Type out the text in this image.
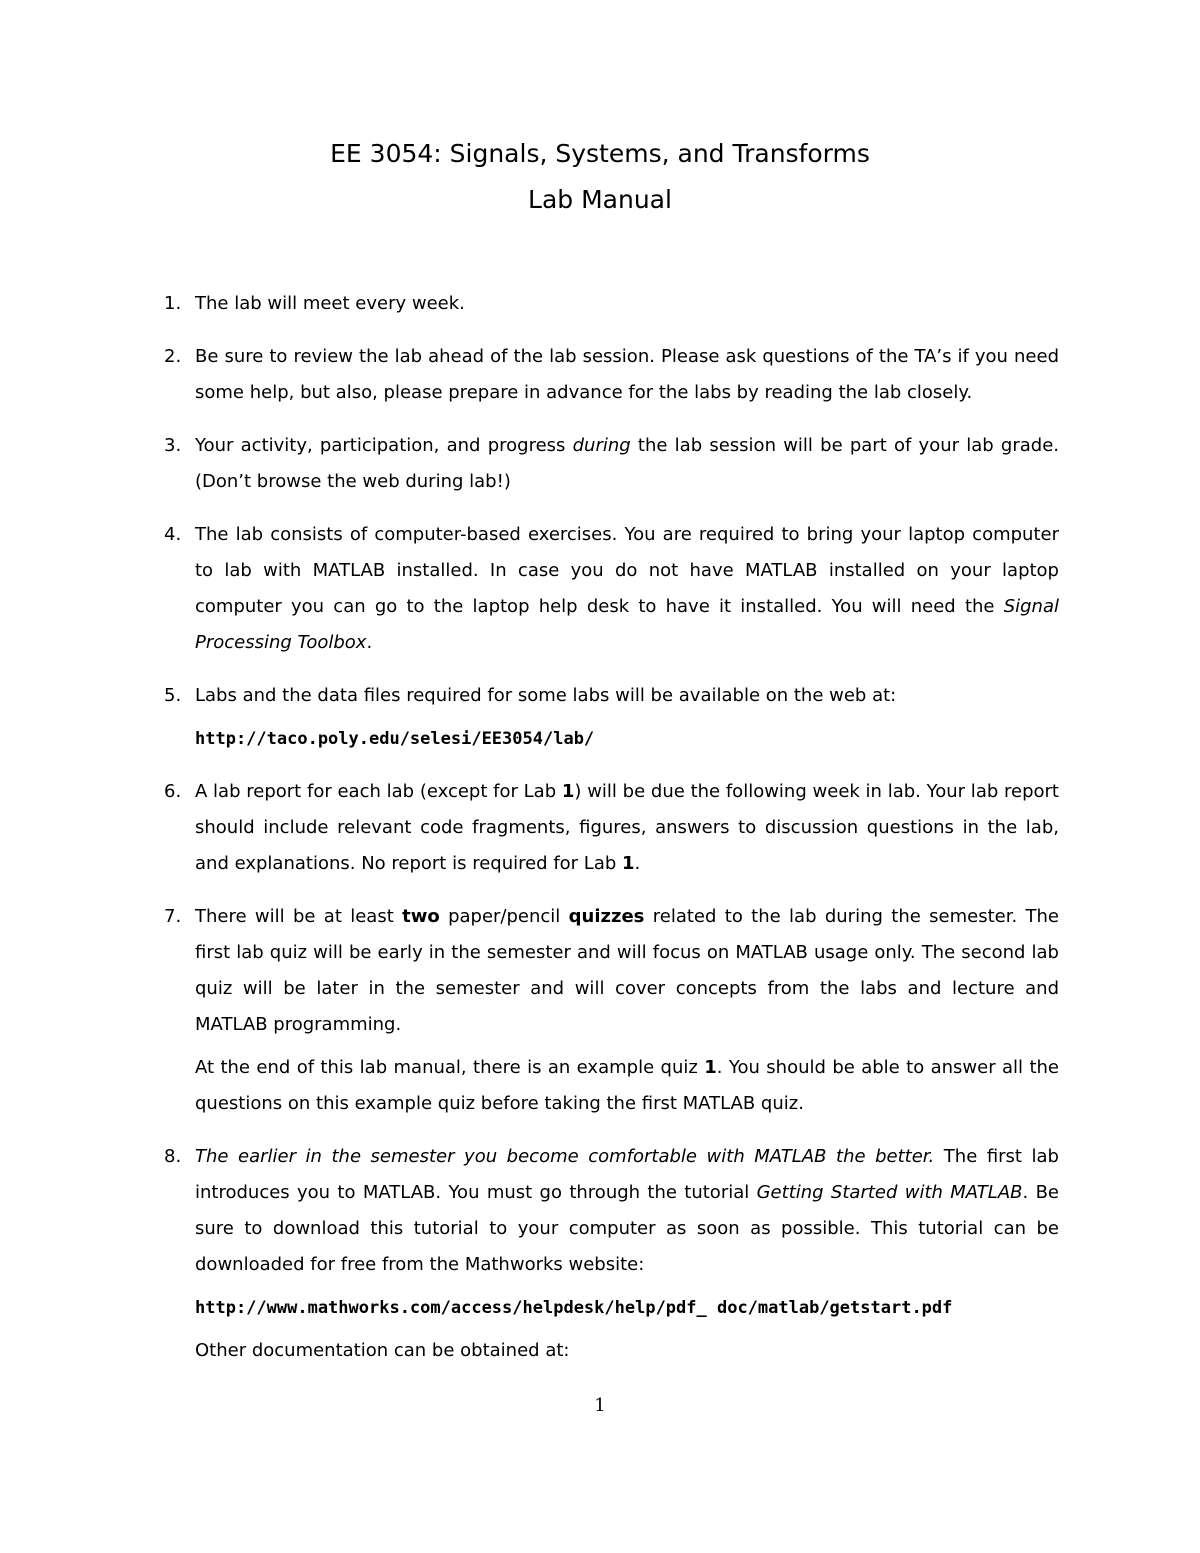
EE 3054: Signals, Systems, and Transforms
Lab Manual
1. The lab will meet every week.

2. Be sure to review the lab ahead of the lab session. Please ask questions of the TA’s if you need some help, but also, please prepare in advance for the labs by reading the lab closely.

3. Your activity, participation, and progress during the lab session will be part of your lab grade. (Don’t browse the web during lab!)

4. The lab consists of computer-based exercises. You are required to bring your laptop computer to lab with MATLAB installed. In case you do not have MATLAB installed on your laptop computer you can go to the laptop help desk to have it installed. You will need the Signal Processing Toolbox.

5. Labs and the data files required for some labs will be available on the web at:

http://taco.poly.edu/selesi/EE3054/lab/

6. A lab report for each lab (except for Lab 1) will be due the following week in lab. Your lab report should include relevant code fragments, figures, answers to discussion questions in the lab, and explanations. No report is required for Lab 1.

7. There will be at least two paper/pencil quizzes related to the lab during the semester. The first lab quiz will be early in the semester and will focus on MATLAB usage only. The second lab quiz will be later in the semester and will cover concepts from the labs and lecture and MATLAB programming.

At the end of this lab manual, there is an example quiz 1. You should be able to answer all the questions on this example quiz before taking the first MATLAB quiz.

8. The earlier in the semester you become comfortable with MATLAB the better. The first lab introduces you to MATLAB. You must go through the tutorial Getting Started with MATLAB. Be sure to download this tutorial to your computer as soon as possible. This tutorial can be downloaded for free from the Mathworks website:

http://www.mathworks.com/access/helpdesk/help/pdf_ doc/matlab/getstart.pdf

Other documentation can be obtained at:

1
